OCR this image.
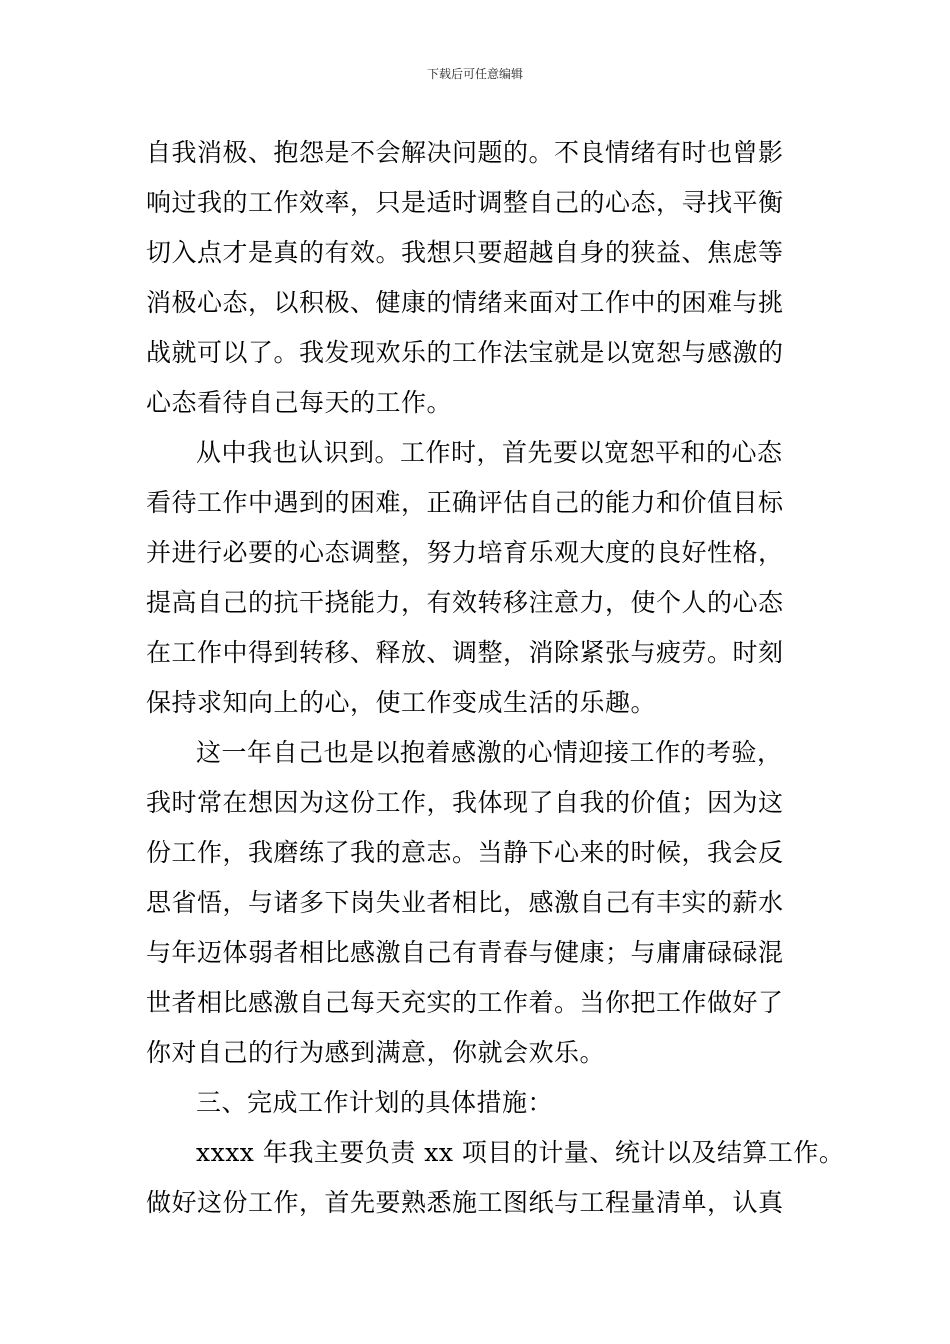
下载后可任意编辑
自我消极、抱怨是不会解决问题的。不良情绪有时也曾影
响过我的工作效率，只是适时调整自己的心态，寻找平衡
切入点才是真的有效。我想只要超越自身的狭益、焦虑等
消极心态，以积极、健康的情绪来面对工作中的困难与挑
战就可以了。我发现欢乐的工作法宝就是以宽恕与感激的
心态看待自己每天的工作。
从中我也认识到。工作时，首先要以宽恕平和的心态
看待工作中遇到的困难，正确评估自己的能力和价值目标
并进行必要的心态调整，努力培育乐观大度的良好性格，
提高自己的抗干挠能力，有效转移注意力，使个人的心态
在工作中得到转移、释放、调整，消除紧张与疲劳。时刻
保持求知向上的心，使工作变成生活的乐趣。
这一年自己也是以抱着感激的心情迎接工作的考验，
我时常在想因为这份工作，我体现了自我的价值；因为这
份工作，我磨练了我的意志。当静下心来的时候，我会反
思省悟，与诸多下岗失业者相比，感激自己有丰实的薪水
与年迈体弱者相比感激自己有青春与健康；与庸庸碌碌混
世者相比感激自己每天充实的工作着。当你把工作做好了
你对自己的行为感到满意，你就会欢乐。
三、完成工作计划的具体措施：
xxxx 年我主要负责 xx 项目的计量、统计以及结算工作。
做好这份工作，首先要熟悉施工图纸与工程量清单，认真
